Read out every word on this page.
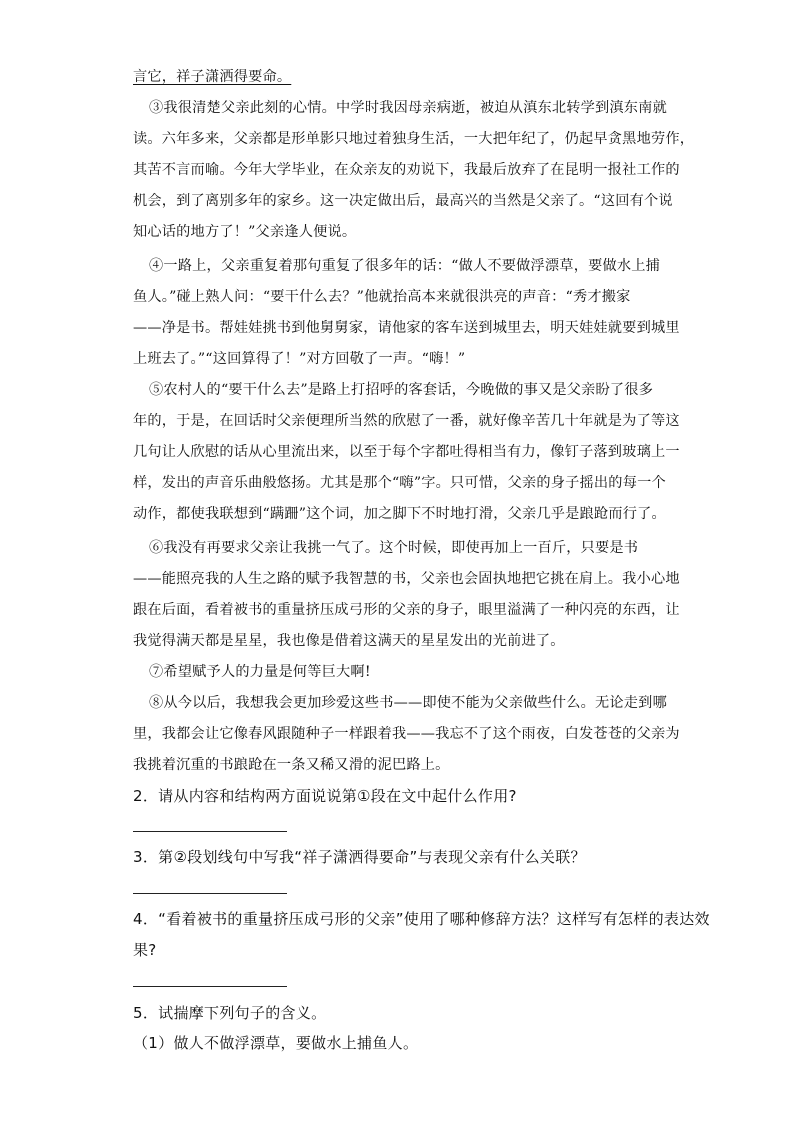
言它，祥子潇洒得要命。
③我很清楚父亲此刻的心情。中学时我因母亲病逝，被迫从滇东北转学到滇东南就
读。六年多来，父亲都是形单影只地过着独身生活，一大把年纪了，仍起早贪黑地劳作，
其苦不言而喻。今年大学毕业，在众亲友的劝说下，我最后放弃了在昆明一报社工作的
机会，到了离别多年的家乡。这一决定做出后，最高兴的当然是父亲了。“这回有个说
知心话的地方了！”父亲逢人便说。
④一路上，父亲重复着那句重复了很多年的话：“做人不要做浮漂草，要做水上捕
鱼人。”碰上熟人问：“要干什么去？”他就抬高本来就很洪亮的声音：“秀才搬家
——净是书。帮娃娃挑书到他舅舅家，请他家的客车送到城里去，明天娃娃就要到城里
上班去了。”“这回算得了！”对方回敬了一声。“嗨！”
⑤农村人的“要干什么去”是路上打招呼的客套话，今晚做的事又是父亲盼了很多
年的，于是，在回话时父亲便理所当然的欣慰了一番，就好像辛苦几十年就是为了等这
几句让人欣慰的话从心里流出来，以至于每个字都吐得相当有力，像钉子落到玻璃上一
样，发出的声音乐曲般悠扬。尤其是那个“嗨”字。只可惜，父亲的身子摇出的每一个
动作，都使我联想到“蹒跚”这个词，加之脚下不时地打滑，父亲几乎是踉跄而行了。
⑥我没有再要求父亲让我挑一气了。这个时候，即使再加上一百斤，只要是书
——能照亮我的人生之路的赋予我智慧的书，父亲也会固执地把它挑在肩上。我小心地
跟在后面，看着被书的重量挤压成弓形的父亲的身子，眼里溢满了一种闪亮的东西，让
我觉得满天都是星星，我也像是借着这满天的星星发出的光前进了。
⑦希望赋予人的力量是何等巨大啊!
⑧从今以后，我想我会更加珍爱这些书——即使不能为父亲做些什么。无论走到哪
里，我都会让它像春风跟随种子一样跟着我——我忘不了这个雨夜，白发苍苍的父亲为
我挑着沉重的书踉跄在一条又稀又滑的泥巴路上。
2．请从内容和结构两方面说说第①段在文中起什么作用?
3．第②段划线句中写我“祥子潇洒得要命”与表现父亲有什么关联？
4．“看着被书的重量挤压成弓形的父亲”使用了哪种修辞方法？这样写有怎样的表达效
果?
5．试揣摩下列句子的含义。
（1）做人不做浮漂草，要做水上捕鱼人。
